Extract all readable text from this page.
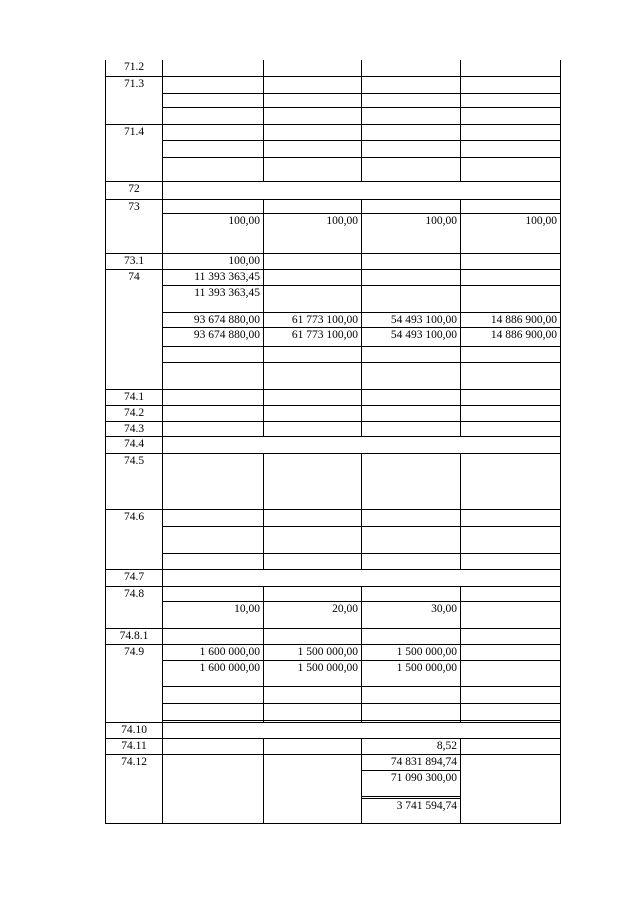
71.2				
71.3				

71.4				

72				
73				
	100,00	100,00	100,00	100,00
73.1	100,00			
74	11 393 363,45			
	11 393 363,45			
	93 674 880,00	61 773 100,00	54 493 100,00	14 886 900,00
	93 674 880,00	61 773 100,00	54 493 100,00	14 886 900,00

74.1				
74.2				
74.3				
74.4				
74.5				
74.6				

74.7				
74.8				
	10,00	20,00	30,00	
74.8.1				
74.9	1 600 000,00	1 500 000,00	1 500 000,00	
	1 600 000,00	1 500 000,00	1 500 000,00	

74.10				
74.11			8,52	
74.12			74 831 894,74	
			71 090 300,00	

			3 741 594,74	
